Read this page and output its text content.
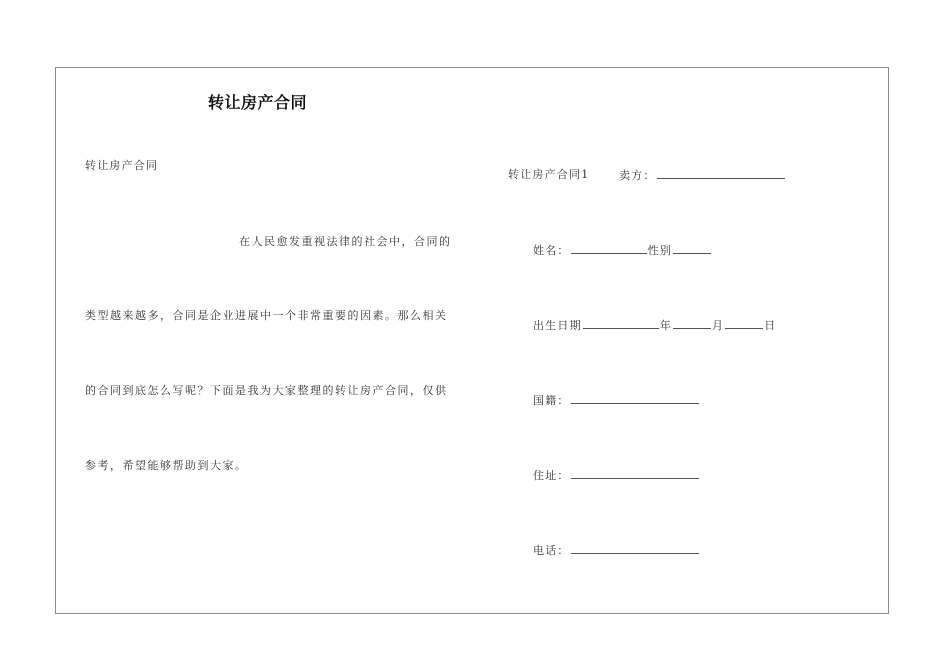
转让房产合同
转让房产合同
在人民愈发重视法律的社会中，合同的
类型越来越多，合同是企业进展中一个非常重要的因素。那么相关
的合同到底怎么写呢？下面是我为大家整理的转让房产合同，仅供
参考，希望能够帮助到大家。
转让房产合同1	卖方：
姓名：	性别
出生日期	年	月	日
国籍：
住址：
电话：
